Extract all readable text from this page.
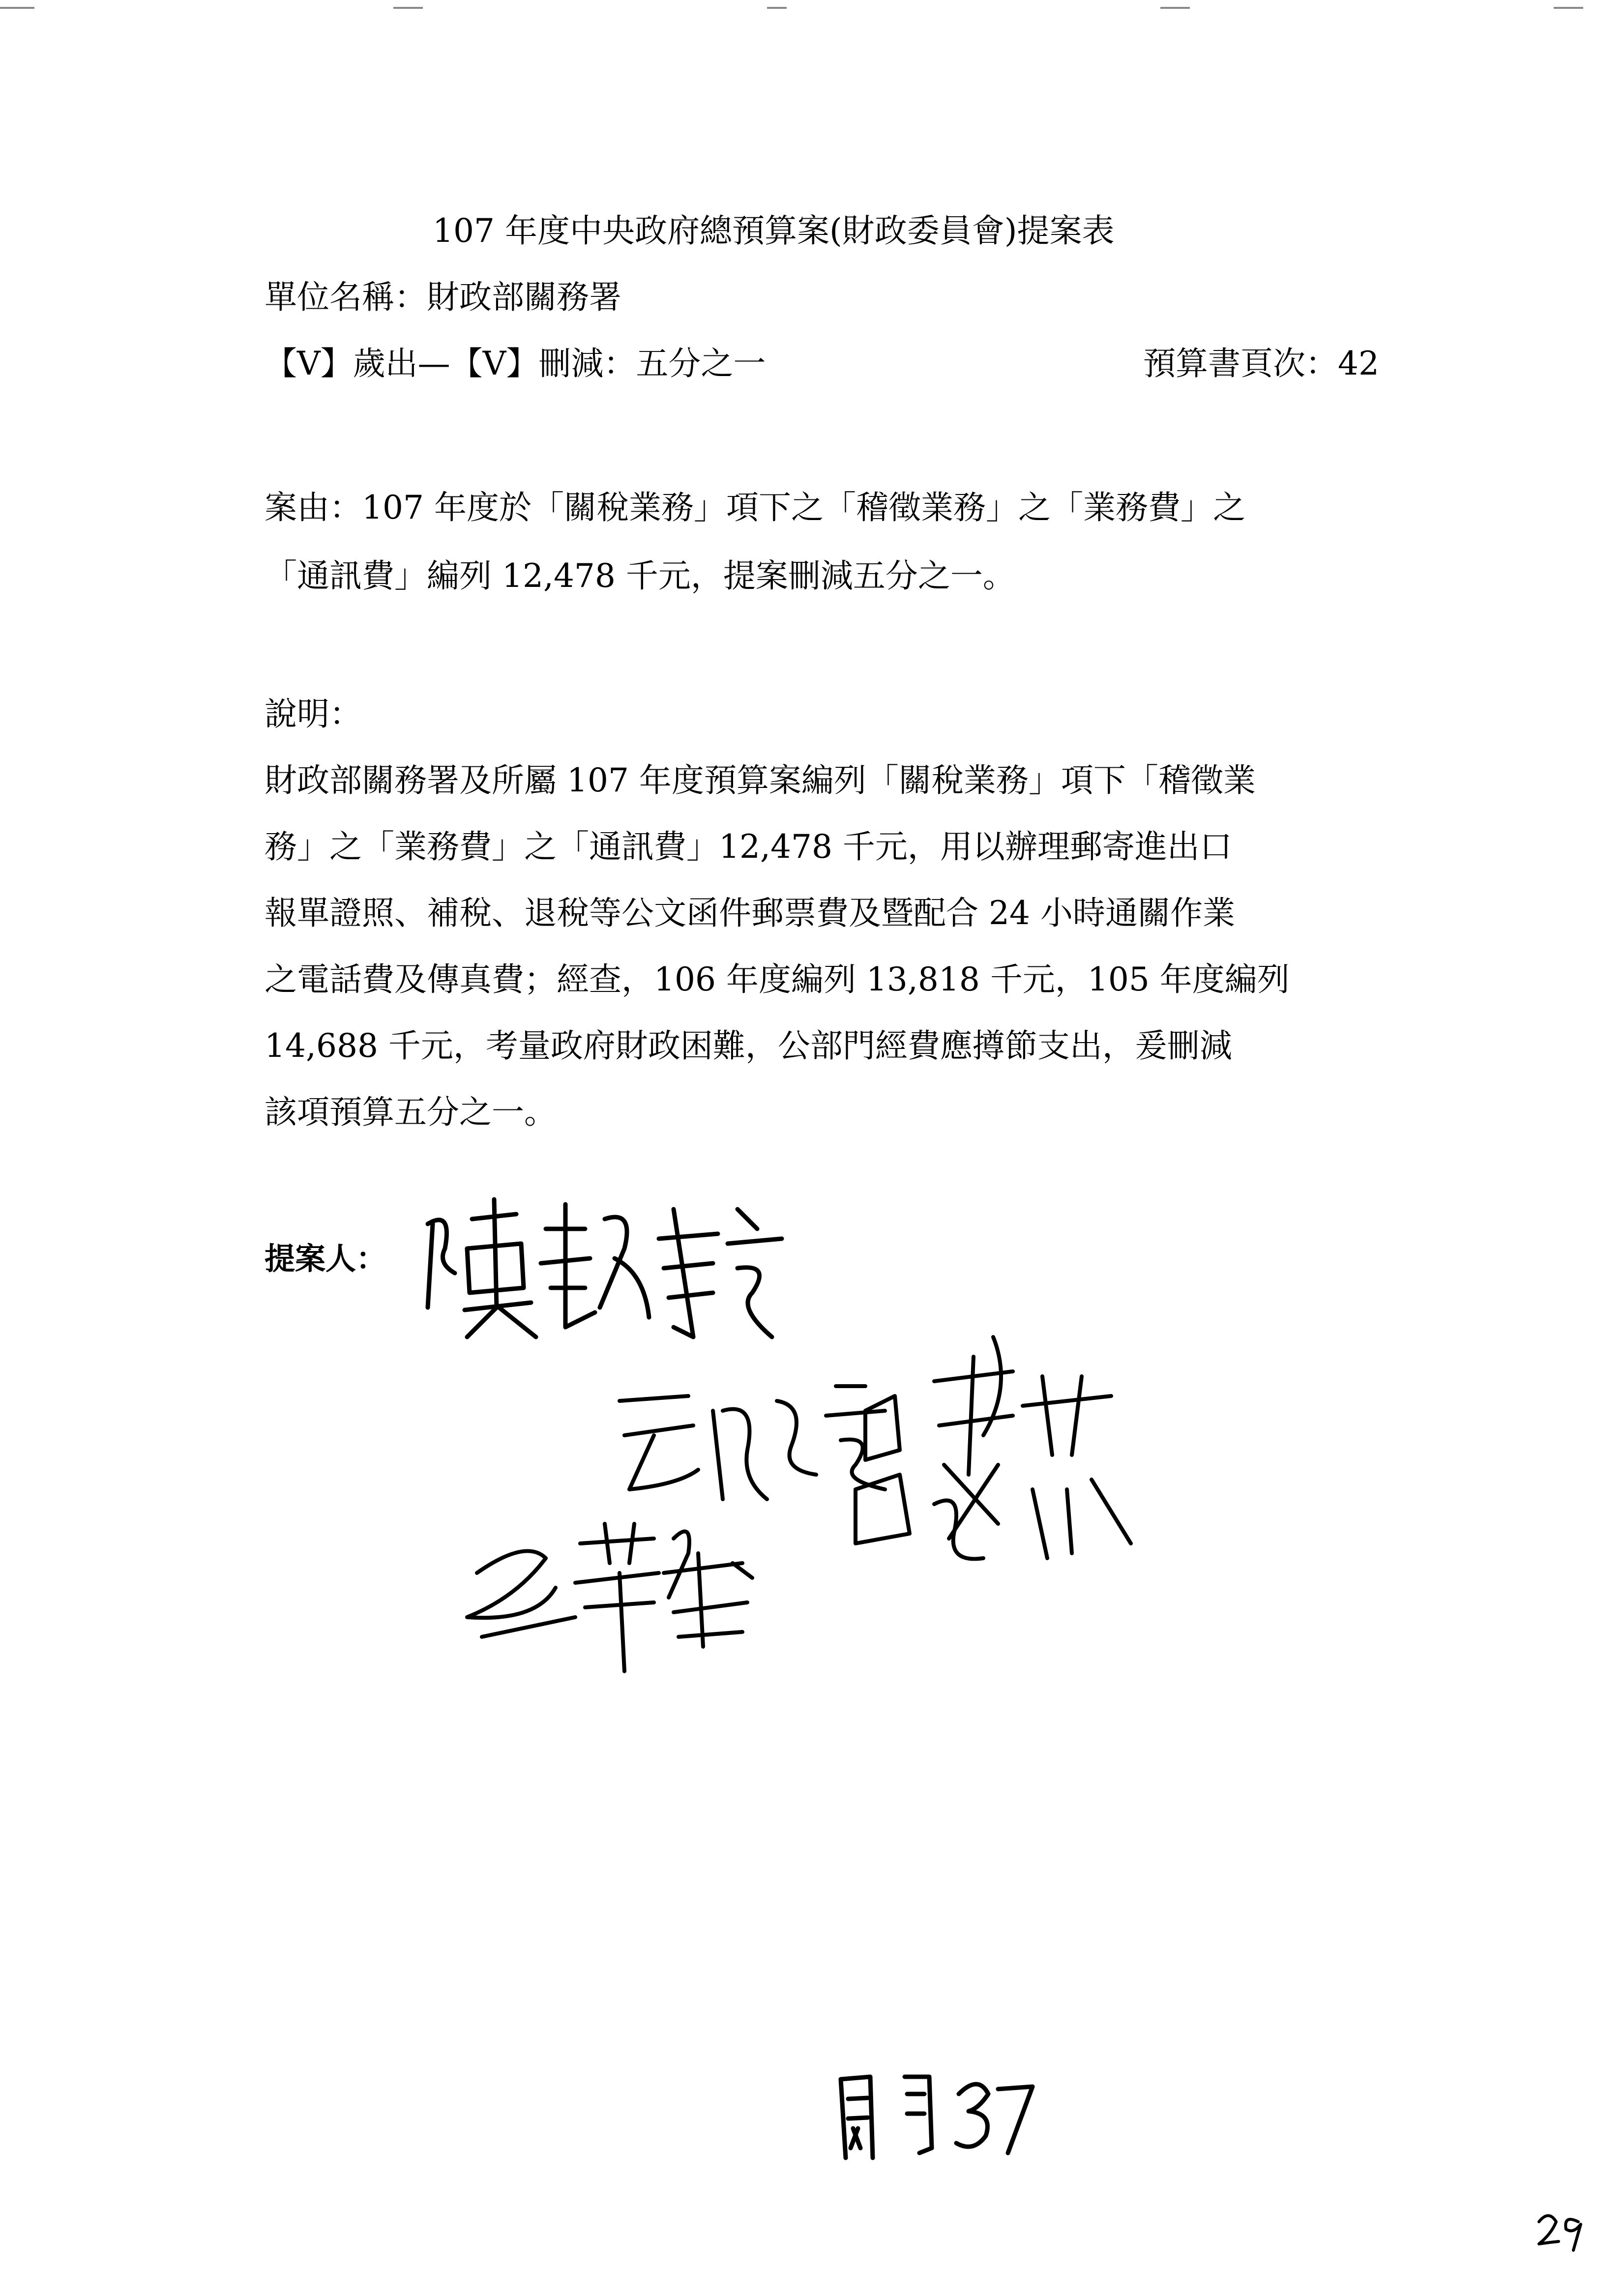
107 年度中央政府總預算案(財政委員會)提案表
單位名稱：財政部關務署
【V】歲出—【V】刪減：五分之一	預算書頁次：42
案由：107 年度於「關稅業務」項下之「稽徵業務」之「業務費」之
「通訊費」編列 12,478 千元，提案刪減五分之一。
說明：
財政部關務署及所屬 107 年度預算案編列「關稅業務」項下「稽徵業
務」之「業務費」之「通訊費」12,478 千元，用以辦理郵寄進出口
報單證照、補稅、退稅等公文函件郵票費及暨配合 24 小時通關作業
之電話費及傳真費；經查，106 年度編列 13,818 千元，105 年度編列
14,688 千元，考量政府財政困難，公部門經費應撙節支出，爰刪減
該項預算五分之一。
提案人：
